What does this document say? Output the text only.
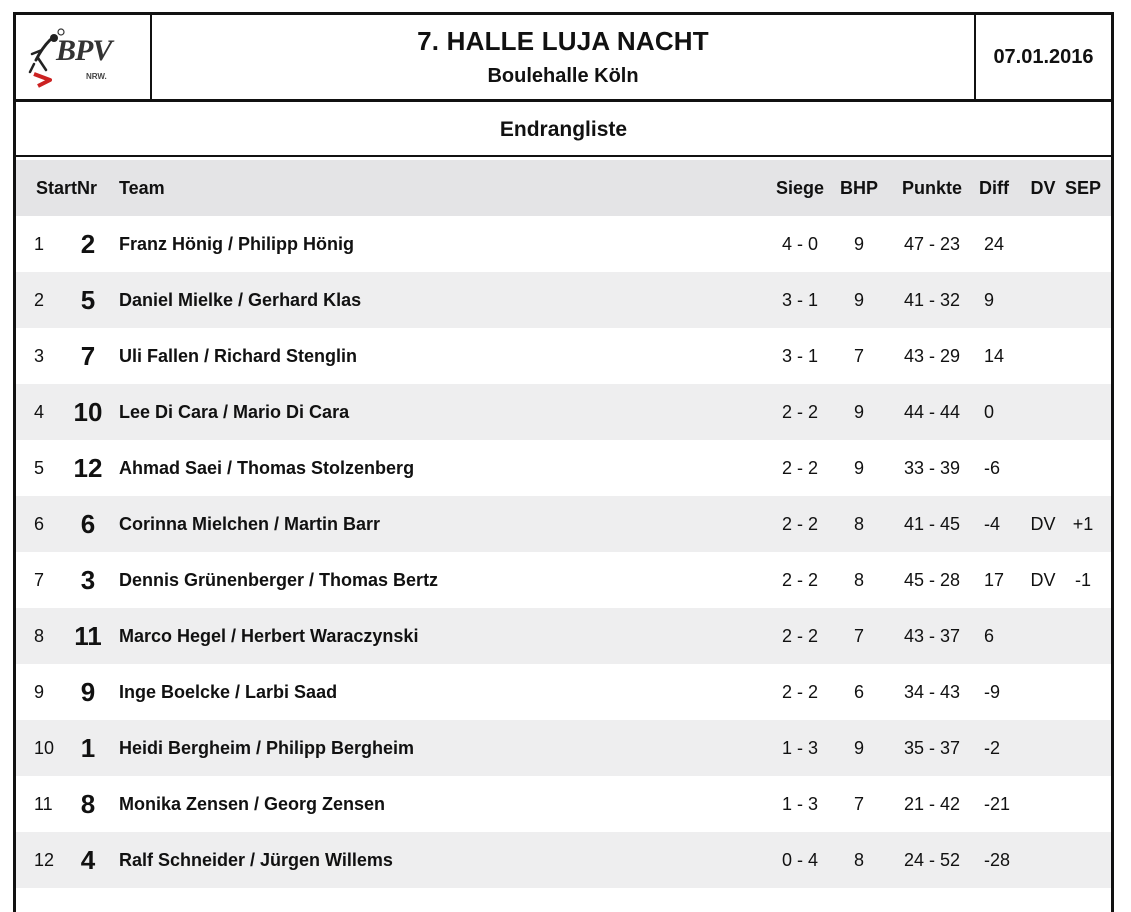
BPV
NRW.
7. HALLE LUJA NACHT
Boulehalle Köln
07.01.2016
Endrangliste
StartNr Team	Siege BHP	Punkte Diff DV SEP
1	2	Franz Hönig / Philipp Hönig	4 - 0	9	47 - 23	24
2	5	Daniel Mielke / Gerhard Klas	3 - 1	9	41 - 32	9
3	7	Uli Fallen / Richard Stenglin	3 - 1	7	43 - 29	14
4 10 Lee Di Cara / Mario Di Cara	2 - 2	9	44 - 44	0
5 12 Ahmad Saei / Thomas Stolzenberg	2 - 2	9	33 - 39	-6
6	6	Corinna Mielchen / Martin Barr	2 - 2	8	41 - 45	-4	DV +1
7	3	Dennis Grünenberger / Thomas Bertz	2 - 2	8	45 - 28	17	DV	-1
8 11 Marco Hegel / Herbert Waraczynski	2 - 2	7	43 - 37	6
9	9	Inge Boelcke / Larbi Saad	2 - 2	6	34 - 43	-9
10	1	Heidi Bergheim / Philipp Bergheim	1 - 3	9	35 - 37	-2
11	8	Monika Zensen / Georg Zensen	1 - 3	7	21 - 42	-21
12	4	Ralf Schneider / Jürgen Willems	0 - 4	8	24 - 52	-28
